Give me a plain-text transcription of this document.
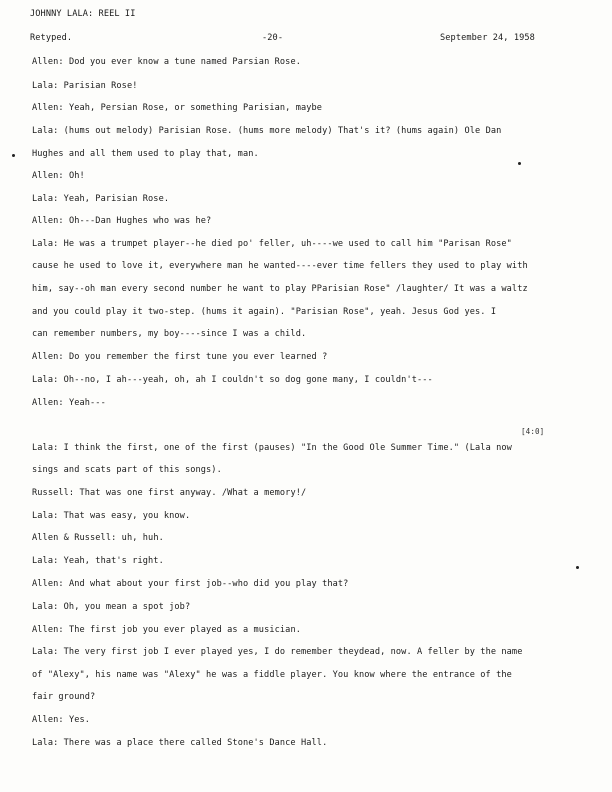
JOHNNY LALA: REEL II
Retyped.	-20-	September 24, 1958
[4:0]
Allen: Dod you ever know a tune named Parsian Rose.
Lala: Parisian Rose!
Allen: Yeah, Persian Rose, or something Parisian, maybe
Lala: (hums out melody) Parisian Rose. (hums more melody) That's it? (hums again) Ole Dan
Hughes and all them used to play that, man.
Allen: Oh!
Lala: Yeah, Parisian Rose.
Allen: Oh---Dan Hughes who was he?
Lala: He was a trumpet player--he died po' feller, uh----we used to call him "Parisan Rose"
cause he used to love it, everywhere man he wanted----ever time fellers they used to play with
him, say--oh man every second number he want to play PParisian Rose" /laughter/ It was a waltz
and you could play it two-step. (hums it again). "Parisian Rose", yeah. Jesus God yes. I
can remember numbers, my boy----since I was a child.
Allen: Do you remember the first tune you ever learned ?
Lala: Oh--no, I ah---yeah, oh, ah I couldn't so dog gone many, I couldn't---
Allen: Yeah---
Lala: I think the first, one of the first (pauses) "In the Good Ole Summer Time." (Lala now
sings and scats part of this songs).
Russell: That was one first anyway. /What a memory!/
Lala: That was easy, you know.
Allen & Russell: uh, huh.
Lala: Yeah, that's right.
Allen: And what about your first job--who did you play that?
Lala: Oh, you mean a spot job?
Allen: The first job you ever played as a musician.
Lala: The very first job I ever played yes, I do remember theydead, now. A feller by the name
of "Alexy", his name was "Alexy" he was a fiddle player. You know where the entrance of the
fair ground?
Allen: Yes.
Lala: There was a place there called Stone's Dance Hall.
